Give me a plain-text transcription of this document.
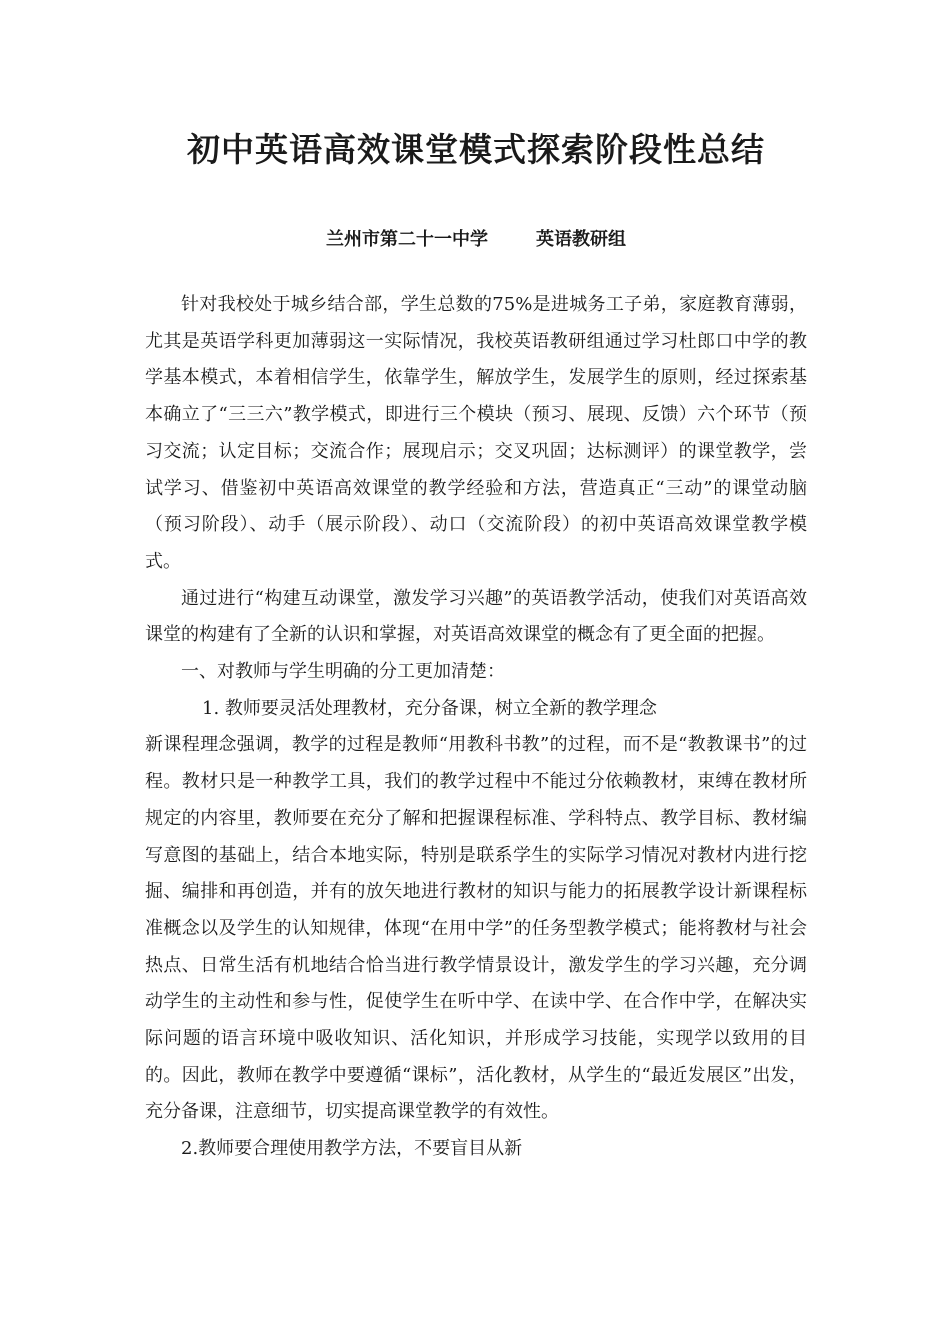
初中英语高效课堂模式探索阶段性总结
兰州市第二十一中学	英语教研组

针对我校处于城乡结合部，学生总数的75%是进城务工子弟，家庭教育薄弱，尤其是英语学科更加薄弱这一实际情况，我校英语教研组通过学习杜郎口中学的教学基本模式，本着相信学生，依靠学生，解放学生，发展学生的原则，经过探索基本确立了“三三六”教学模式，即进行三个模块（预习、展现、反馈）六个环节（预习交流；认定目标；交流合作；展现启示；交叉巩固；达标测评）的课堂教学，尝试学习、借鉴初中英语高效课堂的教学经验和方法，营造真正“三动”的课堂动脑（预习阶段）、动手（展示阶段）、动口（交流阶段）的初中英语高效课堂教学模式。

通过进行“构建互动课堂，激发学习兴趣”的英语教学活动，使我们对英语高效课堂的构建有了全新的认识和掌握，对英语高效课堂的概念有了更全面的把握。

一、对教师与学生明确的分工更加清楚：

1. 教师要灵活处理教材，充分备课，树立全新的教学理念

新课程理念强调，教学的过程是教师“用教科书教”的过程，而不是“教教课书”的过程。教材只是一种教学工具，我们的教学过程中不能过分依赖教材，束缚在教材所规定的内容里，教师要在充分了解和把握课程标准、学科特点、教学目标、教材编写意图的基础上，结合本地实际，特别是联系学生的实际学习情况对教材内进行挖掘、编排和再创造，并有的放矢地进行教材的知识与能力的拓展教学设计新课程标准概念以及学生的认知规律，体现“在用中学”的任务型教学模式；能将教材与社会热点、日常生活有机地结合恰当进行教学情景设计，激发学生的学习兴趣，充分调动学生的主动性和参与性，促使学生在听中学、在读中学、在合作中学，在解决实际问题的语言环境中吸收知识、活化知识，并形成学习技能，实现学以致用的目的。因此，教师在教学中要遵循“课标”，活化教材，从学生的“最近发展区”出发，充分备课，注意细节，切实提高课堂教学的有效性。

2.教师要合理使用教学方法，不要盲目从新
